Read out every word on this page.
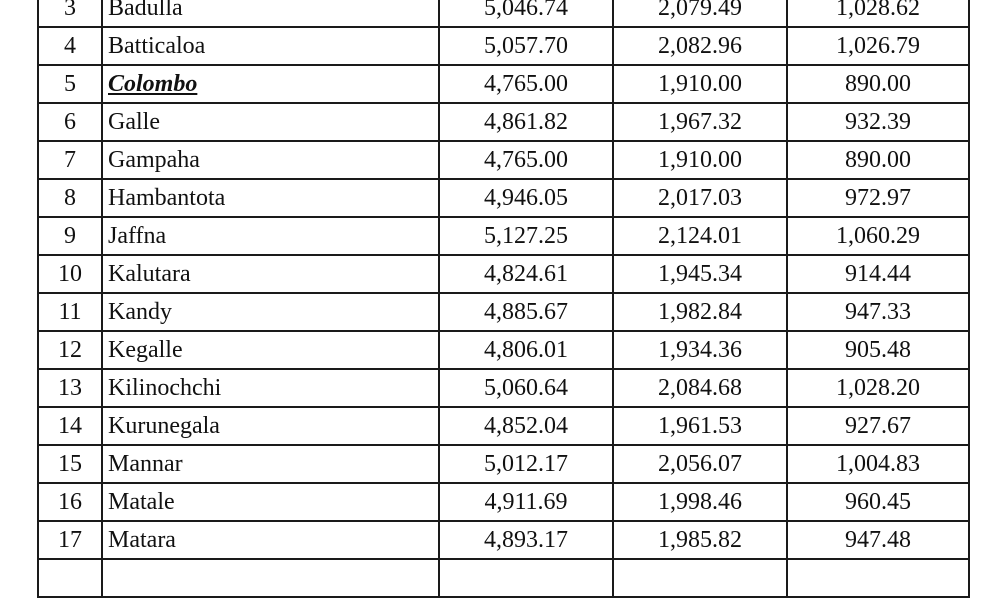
3	Badulla	5,046.74	2,079.49	1,028.62
4	Batticaloa	5,057.70	2,082.96	1,026.79
5	Colombo	4,765.00	1,910.00	890.00
6	Galle	4,861.82	1,967.32	932.39
7	Gampaha	4,765.00	1,910.00	890.00
8	Hambantota	4,946.05	2,017.03	972.97
9	Jaffna	5,127.25	2,124.01	1,060.29
10	Kalutara	4,824.61	1,945.34	914.44
11	Kandy	4,885.67	1,982.84	947.33
12	Kegalle	4,806.01	1,934.36	905.48
13	Kilinochchi	5,060.64	2,084.68	1,028.20
14	Kurunegala	4,852.04	1,961.53	927.67
15	Mannar	5,012.17	2,056.07	1,004.83
16	Matale	4,911.69	1,998.46	960.45
17	Matara	4,893.17	1,985.82	947.48
